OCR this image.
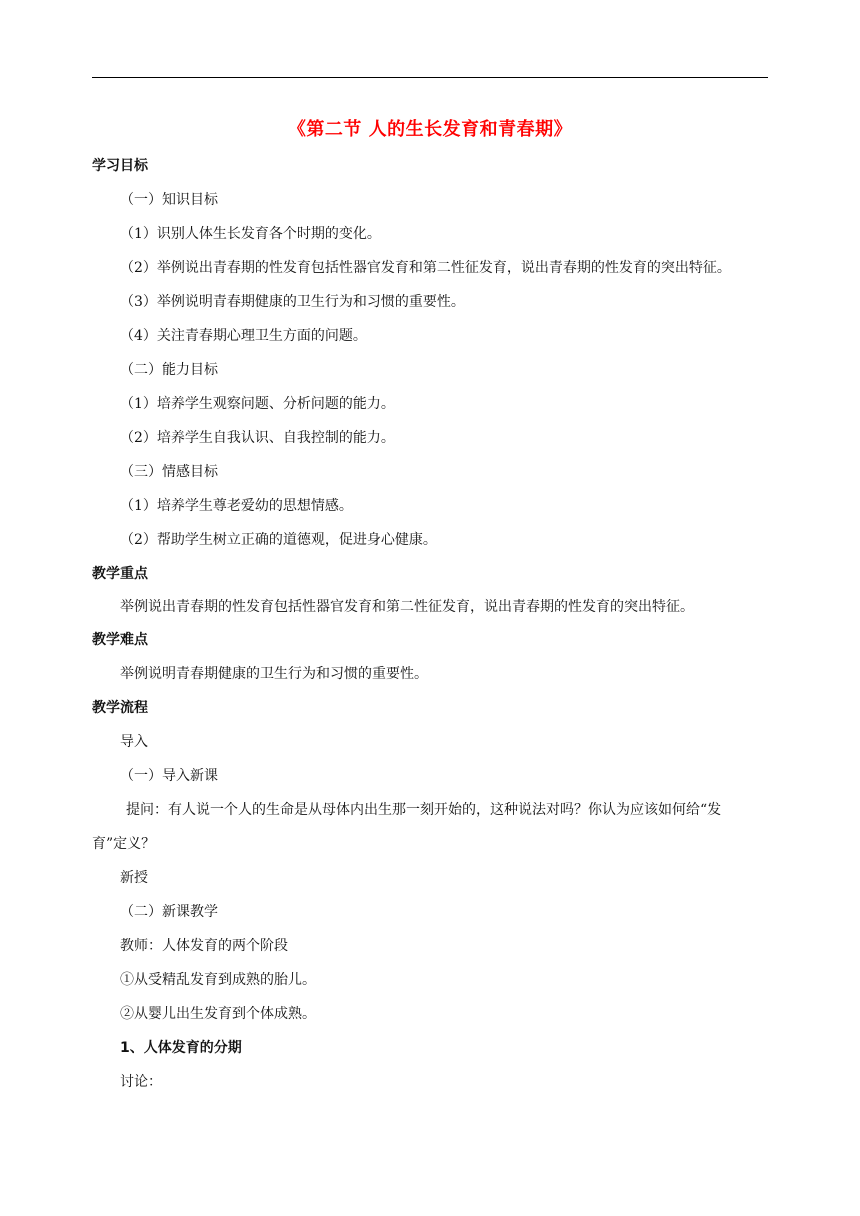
《第二节 人的生长发育和青春期》
学习目标
（一）知识目标
（1）识别人体生长发育各个时期的变化。
（2）举例说出青春期的性发育包括性器官发育和第二性征发育，说出青春期的性发育的突出特征。
（3）举例说明青春期健康的卫生行为和习惯的重要性。
（4）关注青春期心理卫生方面的问题。
（二）能力目标
（1）培养学生观察问题、分析问题的能力。
（2）培养学生自我认识、自我控制的能力。
（三）情感目标
（1）培养学生尊老爱幼的思想情感。
（2）帮助学生树立正确的道德观，促进身心健康。
教学重点
举例说出青春期的性发育包括性器官发育和第二性征发育，说出青春期的性发育的突出特征。
教学难点
举例说明青春期健康的卫生行为和习惯的重要性。
教学流程
导入
（一）导入新课
提问：有人说一个人的生命是从母体内出生那一刻开始的，这种说法对吗？你认为应该如何给“发
育”定义？
新授
（二）新课教学
教师：人体发育的两个阶段
①从受精乱发育到成熟的胎儿。
②从婴儿出生发育到个体成熟。
1、人体发育的分期
讨论：
